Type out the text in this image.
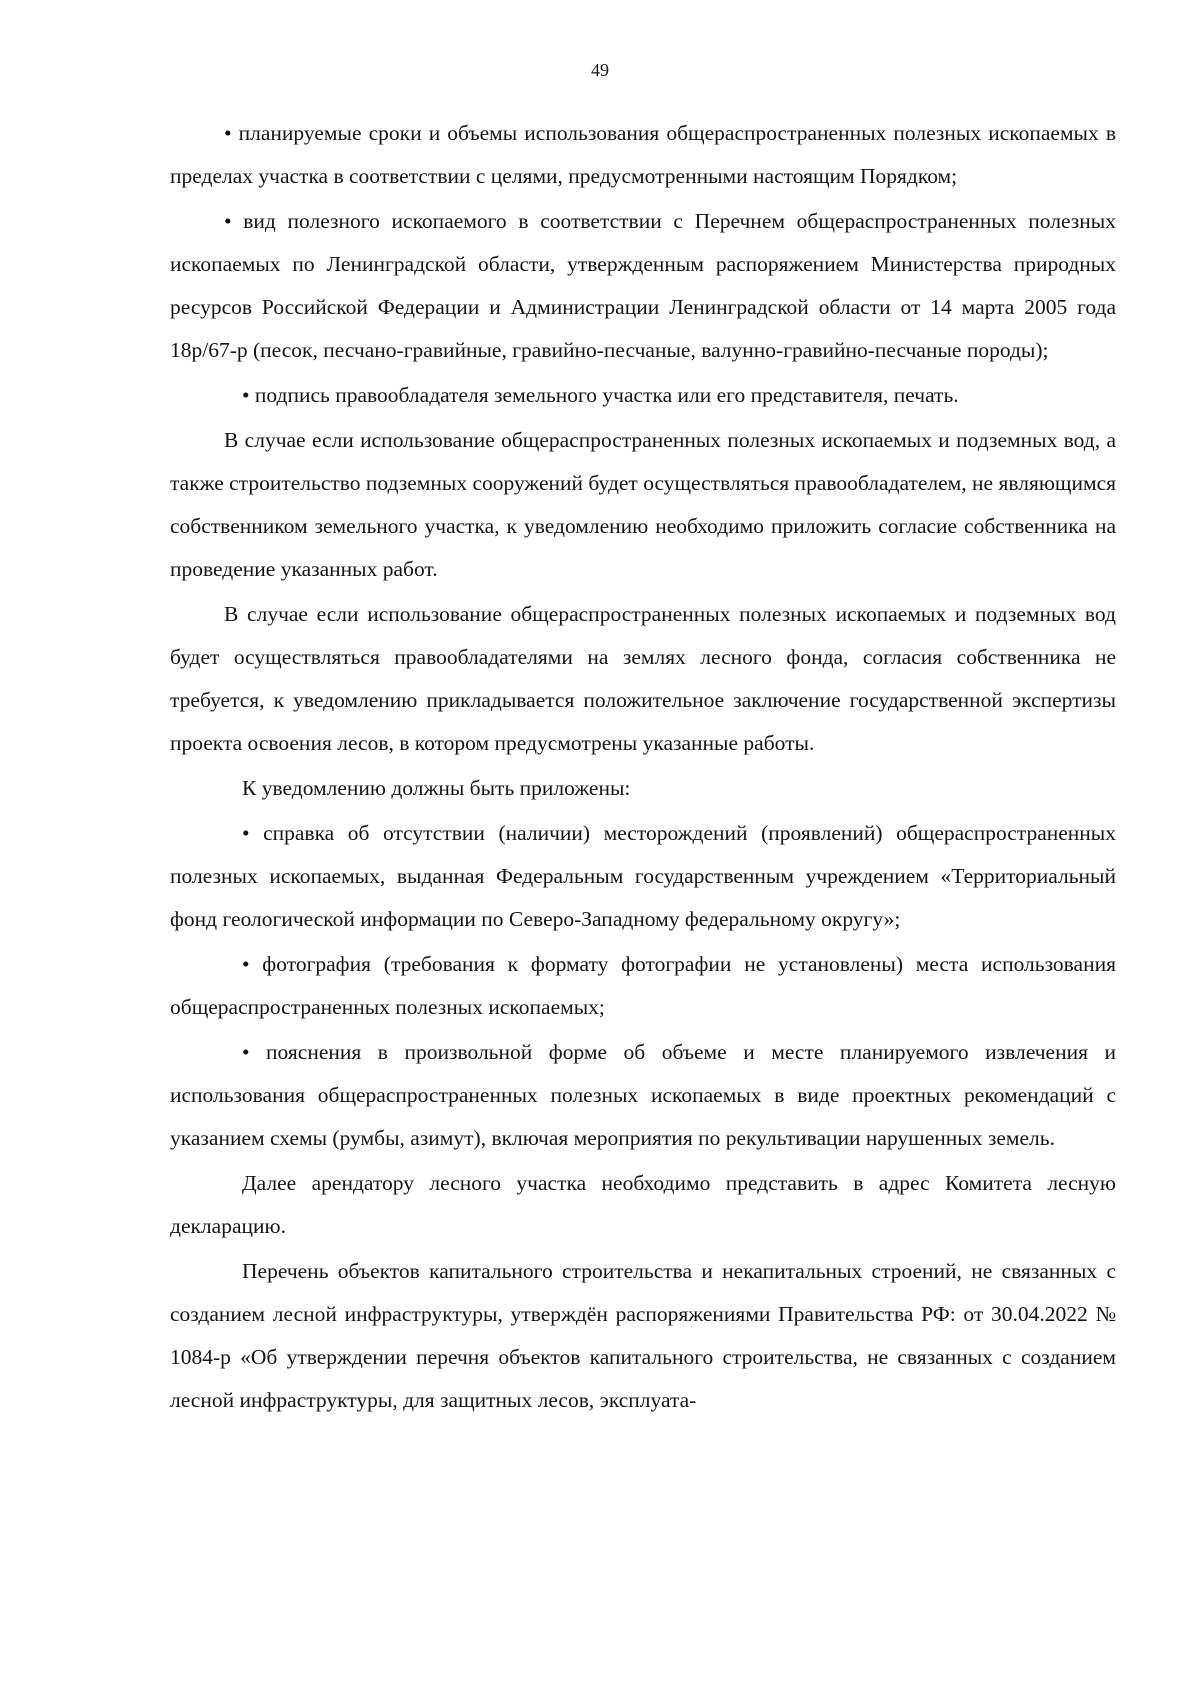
49

• планируемые сроки и объемы использования общераспространенных полезных ископаемых в пределах участка в соответствии с целями, предусмотренными настоящим Порядком;

• вид полезного ископаемого в соответствии с Перечнем общераспространенных полезных ископаемых по Ленинградской области, утвержденным распоряжением Министерства природных ресурсов Российской Федерации и Администрации Ленинградской области от 14 марта 2005 года 18р/67-р (песок, песчано-гравийные, гравийно-песчаные, валунно-гравийно-песчаные породы);

• подпись правообладателя земельного участка или его представителя, печать.

В случае если использование общераспространенных полезных ископаемых и подземных вод, а также строительство подземных сооружений будет осуществляться правообладателем, не являющимся собственником земельного участка, к уведомлению необходимо приложить согласие собственника на проведение указанных работ.

В случае если использование общераспространенных полезных ископаемых и подземных вод будет осуществляться правообладателями на землях лесного фонда, согласия собственника не требуется, к уведомлению прикладывается положительное заключение государственной экспертизы проекта освоения лесов, в котором предусмотрены указанные работы.

К уведомлению должны быть приложены:

• справка об отсутствии (наличии) месторождений (проявлений) общераспространенных полезных ископаемых, выданная Федеральным государственным учреждением «Территориальный фонд геологической информации по Северо-Западному федеральному округу»;

• фотография (требования к формату фотографии не установлены) места использования общераспространенных полезных ископаемых;

• пояснения в произвольной форме об объеме и месте планируемого извлечения и использования общераспространенных полезных ископаемых в виде проектных рекомендаций с указанием схемы (румбы, азимут), включая мероприятия по рекультивации нарушенных земель.

Далее арендатору лесного участка необходимо представить в адрес Комитета лесную декларацию.

Перечень объектов капитального строительства и некапитальных строений, не связанных с созданием лесной инфраструктуры, утверждён распоряжениями Правительства РФ: от 30.04.2022 № 1084-р «Об утверждении перечня объектов капитального строительства, не связанных с созданием лесной инфраструктуры, для защитных лесов, эксплуата-
